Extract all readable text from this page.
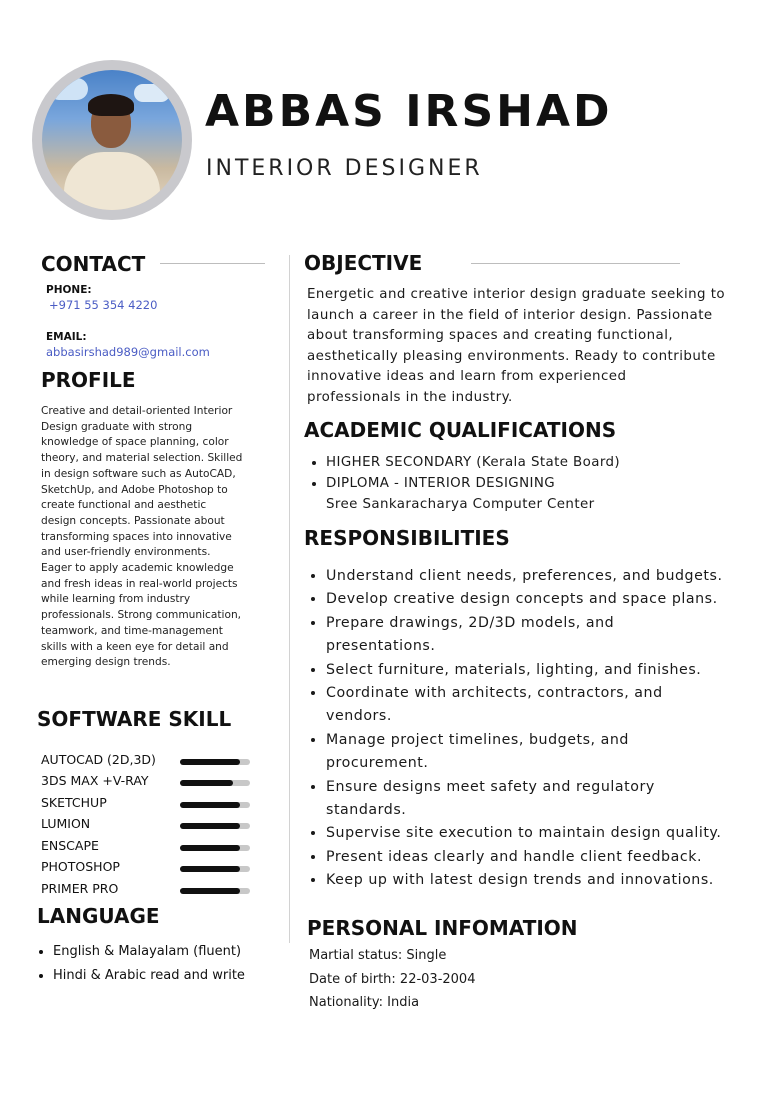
ABBAS IRSHAD
INTERIOR DESIGNER
CONTACT
PHONE:
+971 55 354 4220
EMAIL:
abbasirshad989@gmail.com
PROFILE
Creative and detail-oriented Interior
Design graduate with strong
knowledge of space planning, color
theory, and material selection. Skilled
in design software such as AutoCAD,
SketchUp, and Adobe Photoshop to
create functional and aesthetic
design concepts. Passionate about
transforming spaces into innovative
and user-friendly environments.
Eager to apply academic knowledge
and fresh ideas in real-world projects
while learning from industry
professionals. Strong communication,
teamwork, and time-management
skills with a keen eye for detail and
emerging design trends.
SOFTWARE SKILL
AUTOCAD (2D,3D)
3DS MAX +V-RAY
SKETCHUP
LUMION
ENSCAPE
PHOTOSHOP
PRIMER PRO
LANGUAGE
• English & Malayalam (fluent)
• Hindi & Arabic read and write
OBJECTIVE
Energetic and creative interior design graduate seeking to
launch a career in the field of interior design. Passionate
about transforming spaces and creating functional,
aesthetically pleasing environments. Ready to contribute
innovative ideas and learn from experienced
professionals in the industry.
ACADEMIC QUALIFICATIONS
• HIGHER SECONDARY (Kerala State Board)
• DIPLOMA - INTERIOR DESIGNING
Sree Sankaracharya Computer Center
RESPONSIBILITIES
• Understand client needs, preferences, and budgets.
• Develop creative design concepts and space plans.
• Prepare drawings, 2D/3D models, and presentations.
• Select furniture, materials, lighting, and finishes.
• Coordinate with architects, contractors, and vendors.
• Manage project timelines, budgets, and procurement.
• Ensure designs meet safety and regulatory standards.
• Supervise site execution to maintain design quality.
• Present ideas clearly and handle client feedback.
• Keep up with latest design trends and innovations.
PERSONAL INFOMATION
Martial status: Single
Date of birth: 22-03-2004
Nationality: India
